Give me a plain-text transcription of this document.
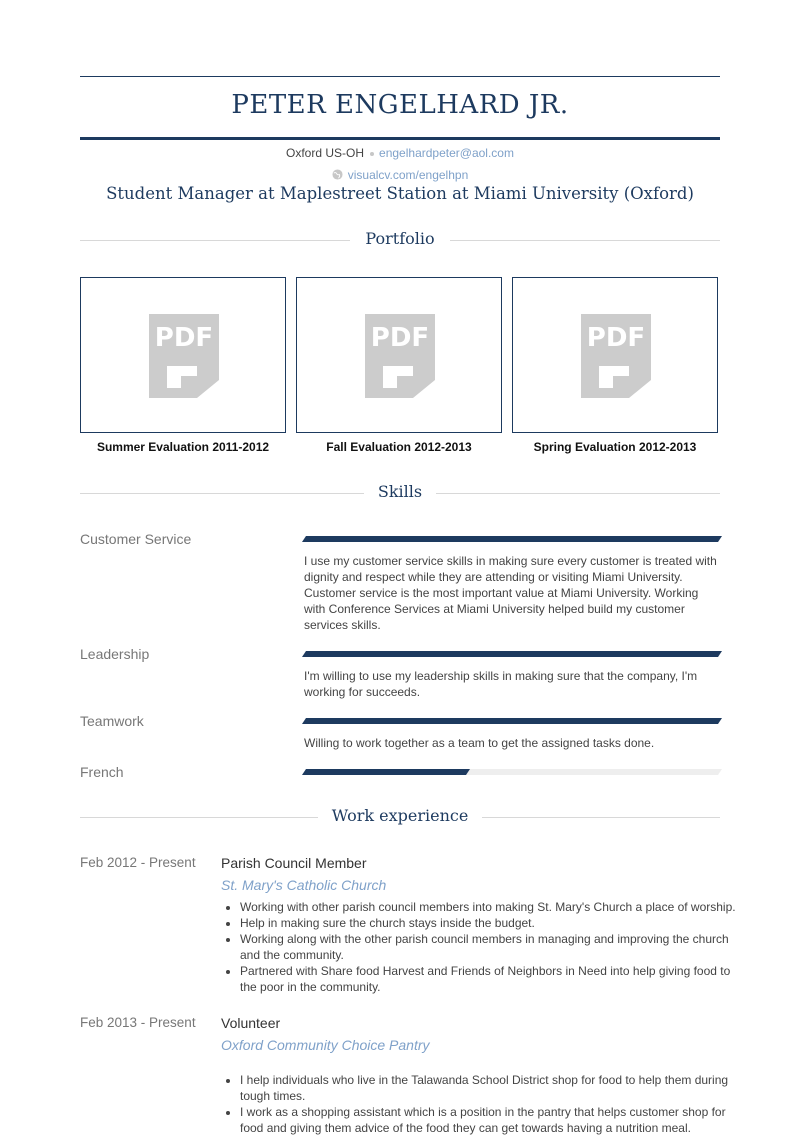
PETER ENGELHARD JR.
Oxford US-OH engelhardpeter@aol.com
visualcv.com/engelhpn
Student Manager at Maplestreet Station at Miami University (Oxford)
Portfolio
PDF	PDF	PDF
Summer Evaluation 2011-2012	Fall Evaluation 2012-2013	Spring Evaluation 2012-2013
Skills
Customer Service
I use my customer service skills in making sure every customer is treated with dignity and respect while they are attending or visiting Miami University. Customer service is the most important value at Miami University. Working with Conference Services at Miami University helped build my customer services skills.
Leadership
I'm willing to use my leadership skills in making sure that the company, I'm working for succeeds.
Teamwork
Willing to work together as a team to get the assigned tasks done.
French
Work experience
Feb 2012 - Present Parish Council Member
St. Mary's Catholic Church
• Working with other parish council members into making St. Mary's Church a place of worship.
• Help in making sure the church stays inside the budget.
• Working along with the other parish council members in managing and improving the church and the community.
• Partnered with Share food Harvest and Friends of Neighbors in Need into help giving food to the poor in the community.
Feb 2013 - Present Volunteer
Oxford Community Choice Pantry
• I help individuals who live in the Talawanda School District shop for food to help them during tough times.
• I work as a shopping assistant which is a position in the pantry that helps customer shop for food and giving them advice of the food they can get towards having a nutrition meal.
